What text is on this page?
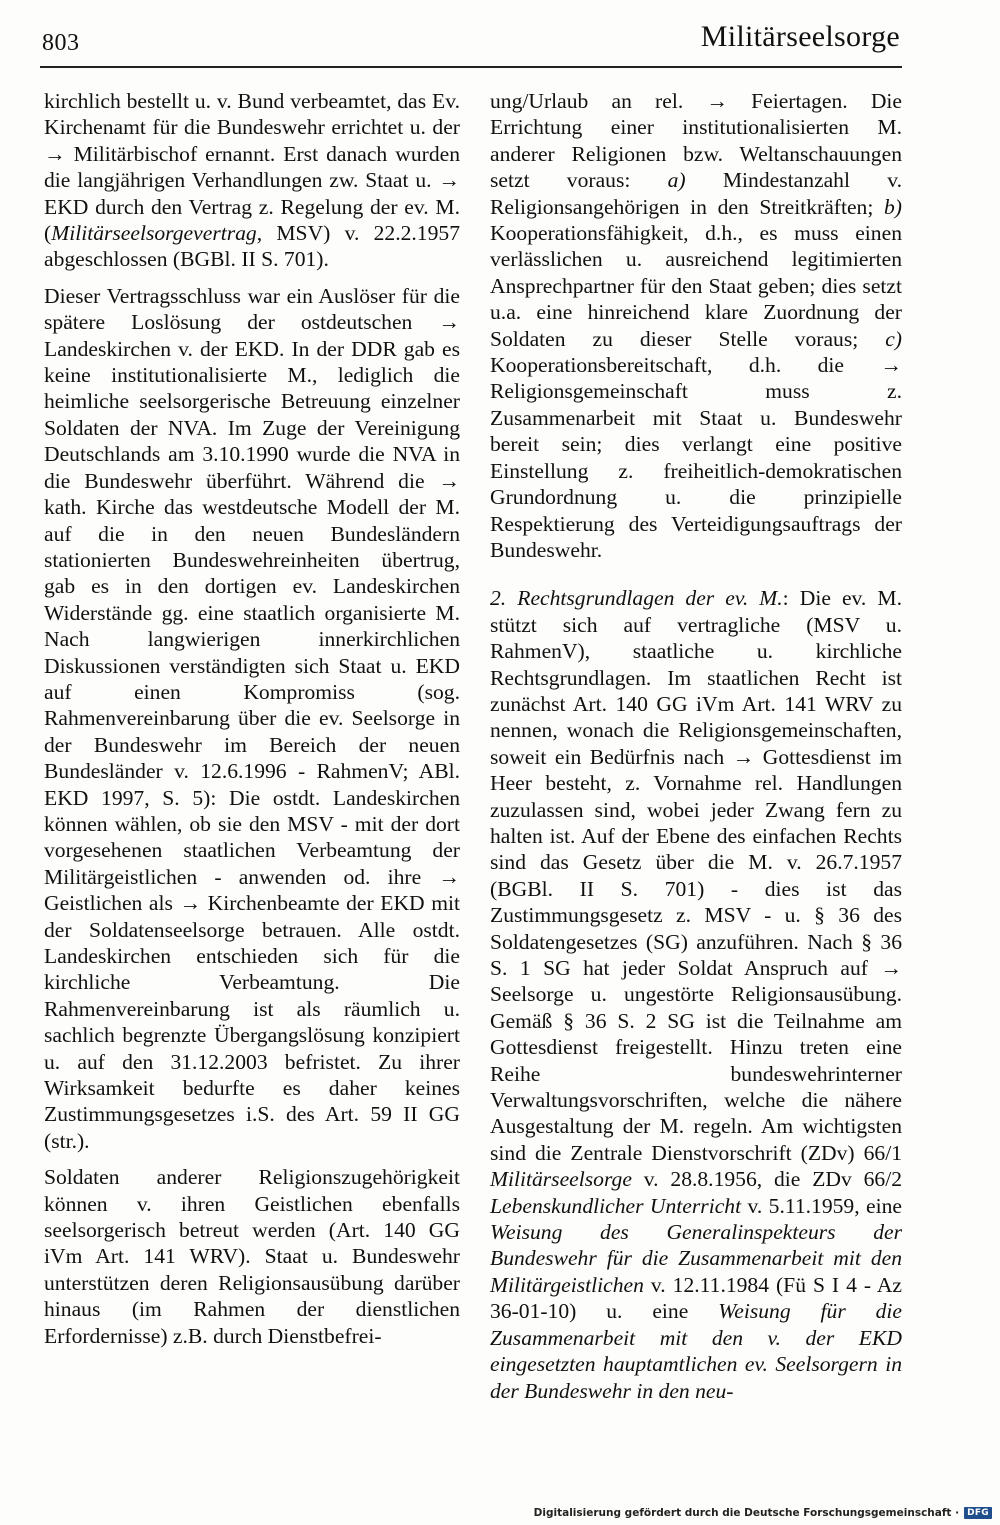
803	Militärseelsorge

kirchlich bestellt u. v. Bund verbeamtet, das Ev. Kirchenamt für die Bundeswehr errichtet u. der → Militärbischof ernannt. Erst danach wurden die langjährigen Verhandlungen zw. Staat u. → EKD durch den Vertrag z. Regelung der ev. M. (Militärseelsorgevertrag, MSV) v. 22.2.1957 abgeschlossen (BGBl. II S. 701).

Dieser Vertragsschluss war ein Auslöser für die spätere Loslösung der ostdeutschen → Landeskirchen v. der EKD. In der DDR gab es keine institutionalisierte M., lediglich die heimliche seelsorgerische Betreuung einzelner Soldaten der NVA. Im Zuge der Vereinigung Deutschlands am 3.10.1990 wurde die NVA in die Bundeswehr überführt. Während die → kath. Kirche das westdeutsche Modell der M. auf die in den neuen Bundesländern stationierten Bundeswehreinheiten übertrug, gab es in den dortigen ev. Landeskirchen Widerstände gg. eine staatlich organisierte M. Nach langwierigen innerkirchlichen Diskussionen verständigten sich Staat u. EKD auf einen Kompromiss (sog. Rahmenvereinbarung über die ev. Seelsorge in der Bundeswehr im Bereich der neuen Bundesländer v. 12.6.1996 - RahmenV; ABl. EKD 1997, S. 5): Die ostdt. Landeskirchen können wählen, ob sie den MSV - mit der dort vorgesehenen staatlichen Verbeamtung der Militärgeistlichen - anwenden od. ihre → Geistlichen als → Kirchenbeamte der EKD mit der Soldatenseelsorge betrauen. Alle ostdt. Landeskirchen entschieden sich für die kirchliche Verbeamtung. Die Rahmenvereinbarung ist als räumlich u. sachlich begrenzte Übergangslösung konzipiert u. auf den 31.12.2003 befristet. Zu ihrer Wirksamkeit bedurfte es daher keines Zustimmungsgesetzes i.S. des Art. 59 II GG (str.).

Soldaten anderer Religionszugehörigkeit können v. ihren Geistlichen ebenfalls seelsorgerisch betreut werden (Art. 140 GG iVm Art. 141 WRV). Staat u. Bundeswehr unterstützen deren Religionsausübung darüber hinaus (im Rahmen der dienstlichen Erfordernisse) z.B. durch Dienstbefrei-

ung/Urlaub an rel. → Feiertagen. Die Errichtung einer institutionalisierten M. anderer Religionen bzw. Weltanschauungen setzt voraus: a) Mindestanzahl v. Religionsangehörigen in den Streitkräften; b) Kooperationsfähigkeit, d.h., es muss einen verlässlichen u. ausreichend legitimierten Ansprechpartner für den Staat geben; dies setzt u.a. eine hinreichend klare Zuordnung der Soldaten zu dieser Stelle voraus; c) Kooperationsbereitschaft, d.h. die → Religionsgemeinschaft muss z. Zusammenarbeit mit Staat u. Bundeswehr bereit sein; dies verlangt eine positive Einstellung z. freiheitlich-demokratischen Grundordnung u. die prinzipielle Respektierung des Verteidigungsauftrags der Bundeswehr.

2. Rechtsgrundlagen der ev. M.: Die ev. M. stützt sich auf vertragliche (MSV u. RahmenV), staatliche u. kirchliche Rechtsgrundlagen. Im staatlichen Recht ist zunächst Art. 140 GG iVm Art. 141 WRV zu nennen, wonach die Religionsgemeinschaften, soweit ein Bedürfnis nach → Gottesdienst im Heer besteht, z. Vornahme rel. Handlungen zuzulassen sind, wobei jeder Zwang fern zu halten ist. Auf der Ebene des einfachen Rechts sind das Gesetz über die M. v. 26.7.1957 (BGBl. II S. 701) - dies ist das Zustimmungsgesetz z. MSV - u. § 36 des Soldatengesetzes (SG) anzuführen. Nach § 36 S. 1 SG hat jeder Soldat Anspruch auf → Seelsorge u. ungestörte Religionsausübung. Gemäß § 36 S. 2 SG ist die Teilnahme am Gottesdienst freigestellt. Hinzu treten eine Reihe bundeswehrinterner Verwaltungsvorschriften, welche die nähere Ausgestaltung der M. regeln. Am wichtigsten sind die Zentrale Dienstvorschrift (ZDv) 66/1 Militärseelsorge v. 28.8.1956, die ZDv 66/2 Lebenskundlicher Unterricht v. 5.11.1959, eine Weisung des Generalinspekteurs der Bundeswehr für die Zusammenarbeit mit den Militärgeistlichen v. 12.11.1984 (Fü S I 4 - Az 36-01-10) u. eine Weisung für die Zusammenarbeit mit den v. der EKD eingesetzten hauptamtlichen ev. Seelsorgern in der Bundeswehr in den neu-

Digitalisierung gefördert durch die Deutsche Forschungsgemeinschaft · DFG
